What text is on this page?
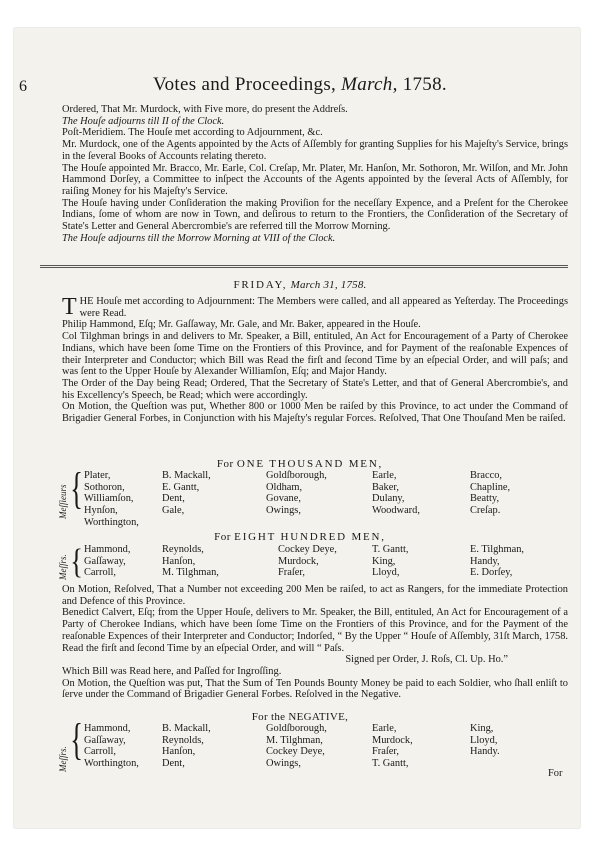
6	Votes and Proceedings, March, 1758.

Ordered, That Mr. Murdock, with Five more, do present the Addreſs.

The Houſe adjourns till II of the Clock.

Poſt-Meridiem. The Houſe met according to Adjournment, &c.

Mr. Murdock, one of the Agents appointed by the Acts of Aſſembly for granting Supplies for his Majeſty's Service, brings in the ſeveral Books of Accounts relating thereto.

The Houſe appointed Mr. Bracco, Mr. Earle, Col. Creſap, Mr. Plater, Mr. Hanſon, Mr. Sothoron, Mr. Wilſon, and Mr. John Hammond Dorſey, a Committee to inſpect the Accounts of the Agents appointed by the ſeveral Acts of Aſſembly, for raiſing Money for his Majeſty's Service.

The Houſe having under Conſideration the making Proviſion for the neceſſary Expence, and a Preſent for the Cherokee Indians, ſome of whom are now in Town, and deſirous to return to the Frontiers, the Conſideration of the Secretary of State's Letter and General Abercrombie's are referred till the Morrow Morning.

The Houſe adjourns till the Morrow Morning at VIII of the Clock.

FRIDAY, March 31, 1758.

THE Houſe met according to Adjournment: The Members were called, and all appeared as Yeſterday. The Proceedings were Read.

Philip Hammond, Eſq; Mr. Gaſſaway, Mr. Gale, and Mr. Baker, appeared in the Houſe.

Col Tilghman brings in and delivers to Mr. Speaker, a Bill, entituled, An Act for Encouragement of a Party of Cherokee Indians, which have been ſome Time on the Frontiers of this Province, and for Payment of the reaſonable Expences of their Interpreter and Conductor; which Bill was Read the firſt and ſecond Time by an eſpecial Order, and will paſs; and was ſent to the Upper Houſe by Alexander Williamſon, Eſq; and Major Handy.

The Order of the Day being Read; Ordered, That the Secretary of State's Letter, and that of General Abercrombie's, and his Excellency's Speech, be Read; which were accordingly.

On Motion, the Queſtion was put, Whether 800 or 1000 Men be raiſed by this Province, to act under the Command of Brigadier General Forbes, in Conjunction with his Majeſty's regular Forces. Reſolved, That One Thouſand Men be raiſed.

For ONE THOUSAND MEN,
Meſſieurs { Plater,
Sothoron,
Williamſon,
Hynſon,
Worthington,
B. Mackall,
E. Gantt,
Dent,
Gale,
Goldſborough,
Oldham,
Govane,
Owings,
Earle,
Baker,
Dulany,
Woodward,
Bracco,
Chapline,
Beatty,
Creſap.
For EIGHT HUNDRED MEN,
Meſſrs. { Hammond,
Gaſſaway,
Carroll,
Reynolds,
Hanſon,
M. Tilghman,
Cockey Deye,
Murdock,
Fraſer,
T. Gantt,
King,
Lloyd,
E. Tilghman,
Handy,
E. Dorſey,

On Motion, Reſolved, That a Number not exceeding 200 Men be raiſed, to act as Rangers, for the immediate Protection and Defence of this Province.

Benedict Calvert, Eſq; from the Upper Houſe, delivers to Mr. Speaker, the Bill, entituled, An Act for Encouragement of a Party of Cherokee Indians, which have been ſome Time on the Frontiers of this Province, and for the Payment of the reaſonable Expences of their Interpreter and Conductor; Indorſed, “ By the Upper “ Houſe of Aſſembly, 31ſt March, 1758. Read the firſt and ſecond Time by an eſpecial Order, and will “ Paſs.

Signed per Order, J. Roſs, Cl. Up. Ho.”

Which Bill was Read here, and Paſſed for Ingroſſing.

On Motion, the Queſtion was put, That the Sum of Ten Pounds Bounty Money be paid to each Soldier, who ſhall enliſt to ſerve under the Command of Brigadier General Forbes. Reſolved in the Negative.

For the NEGATIVE,
Meſſrs. { Hammond,
Gaſſaway,
Carroll,
Worthington,
B. Mackall,
Reynolds,
Hanſon,
Dent,
Goldſborough,
M. Tilghman,
Cockey Deye,
Owings,
Earle,
Murdock,
Fraſer,
T. Gantt,
King,
Lloyd,
Handy.
For
